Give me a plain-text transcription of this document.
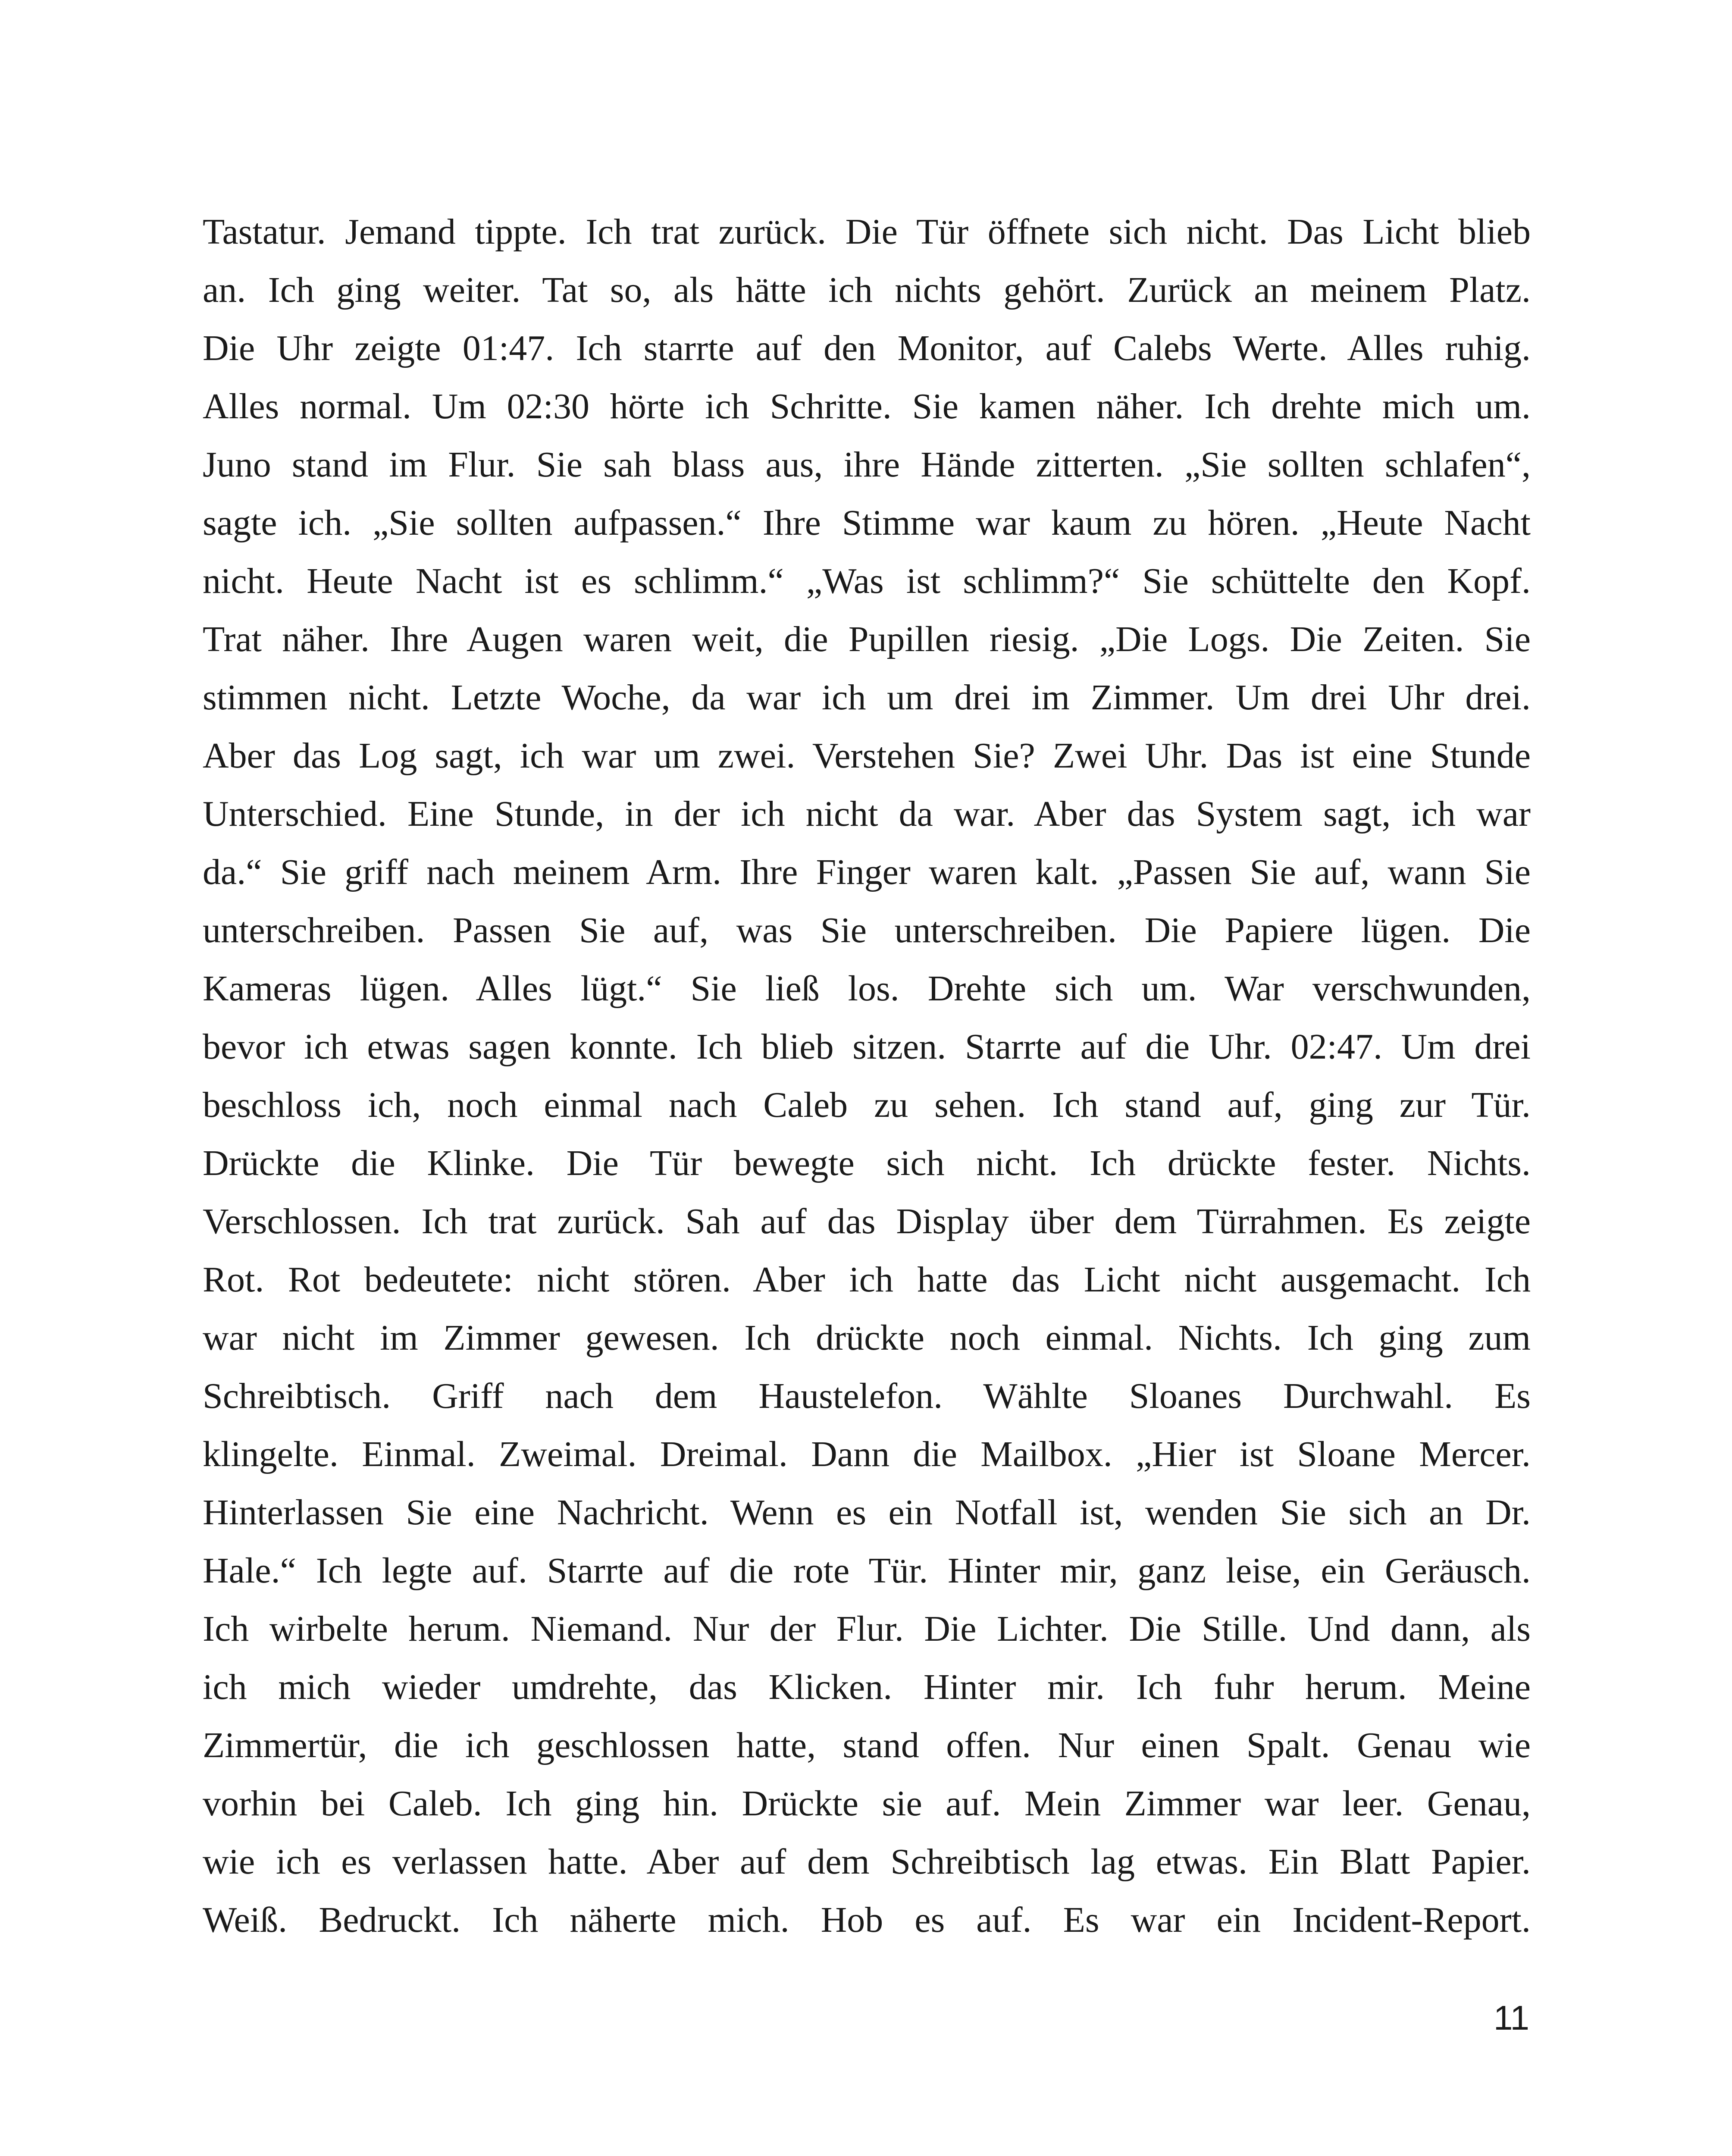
Tastatur. Jemand tippte. Ich trat zurück. Die Tür öffnete sich nicht. Das Licht blieb
an. Ich ging weiter. Tat so, als hätte ich nichts gehört. Zurück an meinem Platz.
Die Uhr zeigte 01:47. Ich starrte auf den Monitor, auf Calebs Werte. Alles ruhig.
Alles normal. Um 02:30 hörte ich Schritte. Sie kamen näher. Ich drehte mich um.
Juno stand im Flur. Sie sah blass aus, ihre Hände zitterten. „Sie sollten schlafen“,
sagte ich. „Sie sollten aufpassen.“ Ihre Stimme war kaum zu hören. „Heute Nacht
nicht. Heute Nacht ist es schlimm.“ „Was ist schlimm?“ Sie schüttelte den Kopf.
Trat näher. Ihre Augen waren weit, die Pupillen riesig. „Die Logs. Die Zeiten. Sie
stimmen nicht. Letzte Woche, da war ich um drei im Zimmer. Um drei Uhr drei.
Aber das Log sagt, ich war um zwei. Verstehen Sie? Zwei Uhr. Das ist eine Stunde
Unterschied. Eine Stunde, in der ich nicht da war. Aber das System sagt, ich war
da.“ Sie griff nach meinem Arm. Ihre Finger waren kalt. „Passen Sie auf, wann Sie
unterschreiben. Passen Sie auf, was Sie unterschreiben. Die Papiere lügen. Die
Kameras lügen. Alles lügt.“ Sie ließ los. Drehte sich um. War verschwunden,
bevor ich etwas sagen konnte. Ich blieb sitzen. Starrte auf die Uhr. 02:47. Um drei
beschloss ich, noch einmal nach Caleb zu sehen. Ich stand auf, ging zur Tür.
Drückte die Klinke. Die Tür bewegte sich nicht. Ich drückte fester. Nichts.
Verschlossen. Ich trat zurück. Sah auf das Display über dem Türrahmen. Es zeigte
Rot. Rot bedeutete: nicht stören. Aber ich hatte das Licht nicht ausgemacht. Ich
war nicht im Zimmer gewesen. Ich drückte noch einmal. Nichts. Ich ging zum
Schreibtisch. Griff nach dem Haustelefon. Wählte Sloanes Durchwahl. Es
klingelte. Einmal. Zweimal. Dreimal. Dann die Mailbox. „Hier ist Sloane Mercer.
Hinterlassen Sie eine Nachricht. Wenn es ein Notfall ist, wenden Sie sich an Dr.
Hale.“ Ich legte auf. Starrte auf die rote Tür. Hinter mir, ganz leise, ein Geräusch.
Ich wirbelte herum. Niemand. Nur der Flur. Die Lichter. Die Stille. Und dann, als
ich mich wieder umdrehte, das Klicken. Hinter mir. Ich fuhr herum. Meine
Zimmertür, die ich geschlossen hatte, stand offen. Nur einen Spalt. Genau wie
vorhin bei Caleb. Ich ging hin. Drückte sie auf. Mein Zimmer war leer. Genau,
wie ich es verlassen hatte. Aber auf dem Schreibtisch lag etwas. Ein Blatt Papier.
Weiß. Bedruckt. Ich näherte mich. Hob es auf. Es war ein Incident-Report.
11
